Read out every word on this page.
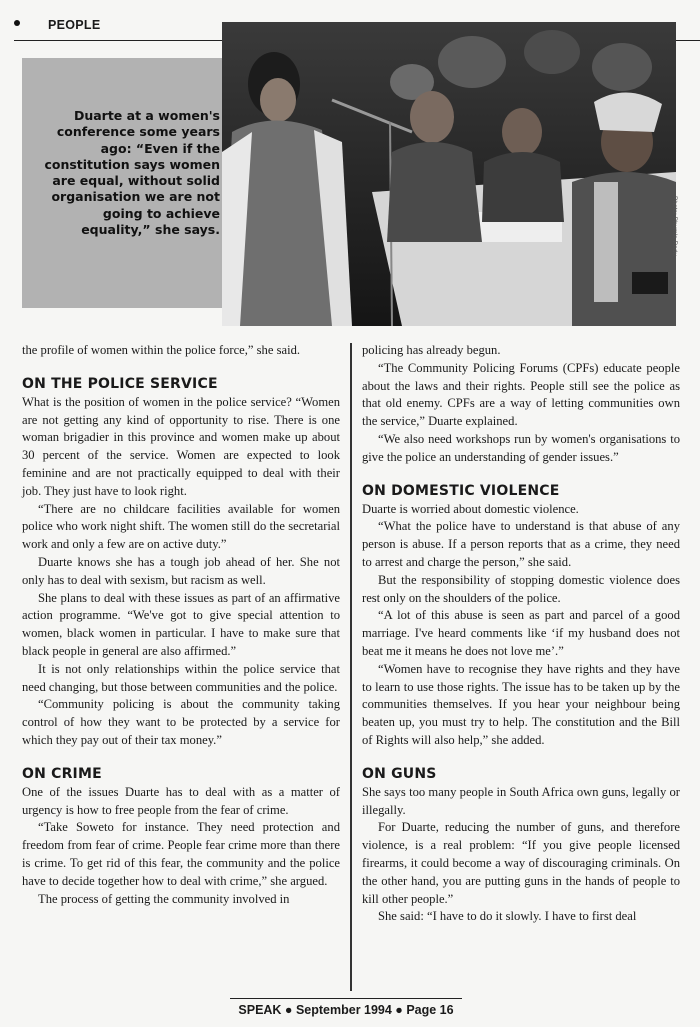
PEOPLE
Duarte at a women's conference some years ago: “Even if the constitution says women are equal, without solid organisation we are not going to achieve equality,” she says.	Photo: Phumla Radu

the profile of women within the police force,” she said.

ON THE POLICE SERVICE

What is the position of women in the police service? “Women are not getting any kind of opportunity to rise. There is one woman brigadier in this province and women make up about 30 percent of the service. Women are expected to look feminine and are not practically equipped to deal with their job. They just have to look right.

“There are no childcare facilities available for women police who work night shift. The women still do the secretarial work and only a few are on active duty.”

Duarte knows she has a tough job ahead of her. She not only has to deal with sexism, but racism as well.

She plans to deal with these issues as part of an affirmative action programme. “We've got to give special attention to women, black women in particular. I have to make sure that black people in general are also affirmed.”

It is not only relationships within the police service that need changing, but those between communities and the police.

“Community policing is about the community taking control of how they want to be protected by a service for which they pay out of their tax money.”

ON CRIME

One of the issues Duarte has to deal with as a matter of urgency is how to free people from the fear of crime.

“Take Soweto for instance. They need protection and freedom from fear of crime. People fear crime more than there is crime. To get rid of this fear, the community and the police have to decide together how to deal with crime,” she argued.

The process of getting the community involved in

policing has already begun.

“The Community Policing Forums (CPFs) educate people about the laws and their rights. People still see the police as that old enemy. CPFs are a way of letting communities own the service,” Duarte explained.

“We also need workshops run by women's organisations to give the police an understanding of gender issues.”

ON DOMESTIC VIOLENCE

Duarte is worried about domestic violence.

“What the police have to understand is that abuse of any person is abuse. If a person reports that as a crime, they need to arrest and charge the person,” she said.

But the responsibility of stopping domestic violence does rest only on the shoulders of the police.

“A lot of this abuse is seen as part and parcel of a good marriage. I've heard comments like ‘if my husband does not beat me it means he does not love me’.”

“Women have to recognise they have rights and they have to learn to use those rights. The issue has to be taken up by the communities themselves. If you hear your neighbour being beaten up, you must try to help. The constitution and the Bill of Rights will also help,” she added.

ON GUNS

She says too many people in South Africa own guns, legally or illegally.

For Duarte, reducing the number of guns, and therefore violence, is a real problem: “If you give people licensed firearms, it could become a way of discouraging criminals. On the other hand, you are putting guns in the hands of people to kill other people.”

She said: “I have to do it slowly. I have to first deal

SPEAK ● September 1994 ● Page 16
